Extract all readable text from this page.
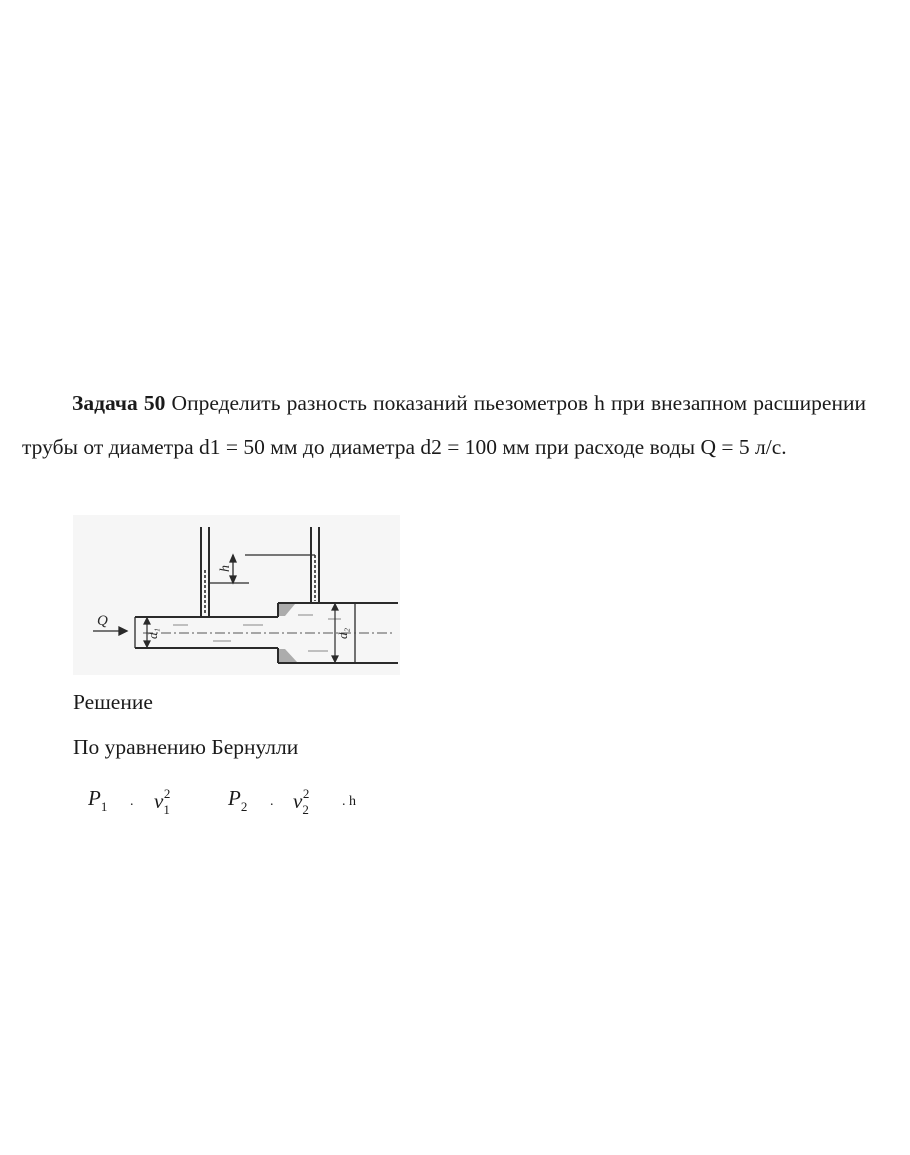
Задача 50 Определить разность показаний пьезометров h при внезапном расширении трубы от диаметра d1 = 50 мм до диаметра d2 = 100 мм при расходе воды Q = 5 л/с.
h
d₁	d₂
Q
Решение
По уравнению Бернулли
$P_1$ . $v_1^2$	$P_2$ . $v_2^2$
. h
